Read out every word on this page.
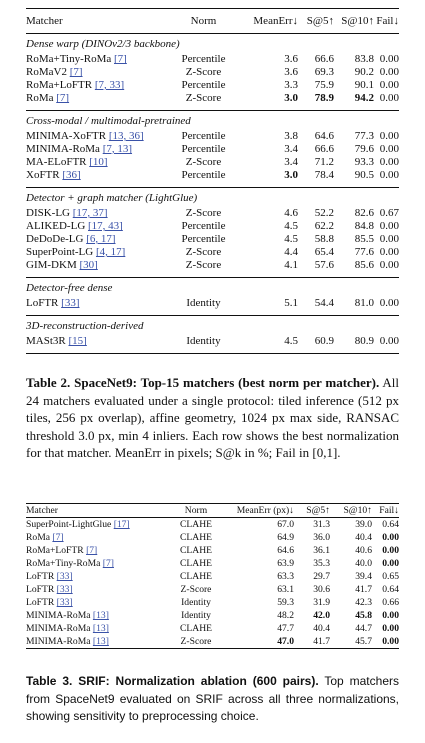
Matcher	Norm	MeanErr↓	S@5↑	S@10↑	Fail↓
Dense warp (DINOv2/3 backbone)					
RoMa+Tiny-RoMa [7]	Percentile	3.6	66.6	83.8	0.00
RoMaV2 [7]	Z-Score	3.6	69.3	90.2	0.00
RoMa+LoFTR [7, 33]	Percentile	3.3	75.9	90.1	0.00
RoMa [7]	Z-Score	3.0	78.9	94.2	0.00

Cross-modal / multimodal-pretrained					
MINIMA-XoFTR [13, 36]	Percentile	3.8	64.6	77.3	0.00
MINIMA-RoMa [7, 13]	Percentile	3.4	66.6	79.6	0.00
MA-ELoFTR [10]	Z-Score	3.4	71.2	93.3	0.00
XoFTR [36]	Percentile	3.0	78.4	90.5	0.00

Detector + graph matcher (LightGlue)					
DISK-LG [17, 37]	Z-Score	4.6	52.2	82.6	0.67
ALIKED-LG [17, 43]	Percentile	4.5	62.2	84.8	0.00
DeDoDe-LG [6, 17]	Percentile	4.5	58.8	85.5	0.00
SuperPoint-LG [4, 17]	Z-Score	4.4	65.4	77.6	0.00
GIM-DKM [30]	Z-Score	4.1	57.6	85.6	0.00

Detector-free dense					
LoFTR [33]	Identity	5.1	54.4	81.0	0.00

3D-reconstruction-derived					
MASt3R [15]	Identity	4.5	60.9	80.9	0.00

Table 2. SpaceNet9: Top-15 matchers (best norm per matcher). All 24 matchers evaluated under a single protocol: tiled inference (512 px tiles, 256 px overlap), affine geometry, 1024 px max side, RANSAC threshold 3.0 px, min 4 inliers. Each row shows the best normalization for that matcher. MeanErr in pixels; S@k in %; Fail in [0,1].
Matcher	Norm	MeanErr (px)↓	S@5↑	S@10↑	Fail↓
SuperPoint-LightGlue [17]	CLAHE	67.0	31.3	39.0	0.64
RoMa [7]	CLAHE	64.9	36.0	40.4	0.00
RoMa+LoFTR [7]	CLAHE	64.6	36.1	40.6	0.00
RoMa+Tiny-RoMa [7]	CLAHE	63.9	35.3	40.0	0.00
LoFTR [33]	CLAHE	63.3	29.7	39.4	0.65
LoFTR [33]	Z-Score	63.1	30.6	41.7	0.64
LoFTR [33]	Identity	59.3	31.9	42.3	0.66
MINIMA-RoMa [13]	Identity	48.2	42.0	45.8	0.00
MINIMA-RoMa [13]	CLAHE	47.7	40.4	44.7	0.00
MINIMA-RoMa [13]	Z-Score	47.0	41.7	45.7	0.00

Table 3. SRIF: Normalization ablation (600 pairs). Top matchers from SpaceNet9 evaluated on SRIF across all three normalizations, showing sensitivity to preprocessing choice.
